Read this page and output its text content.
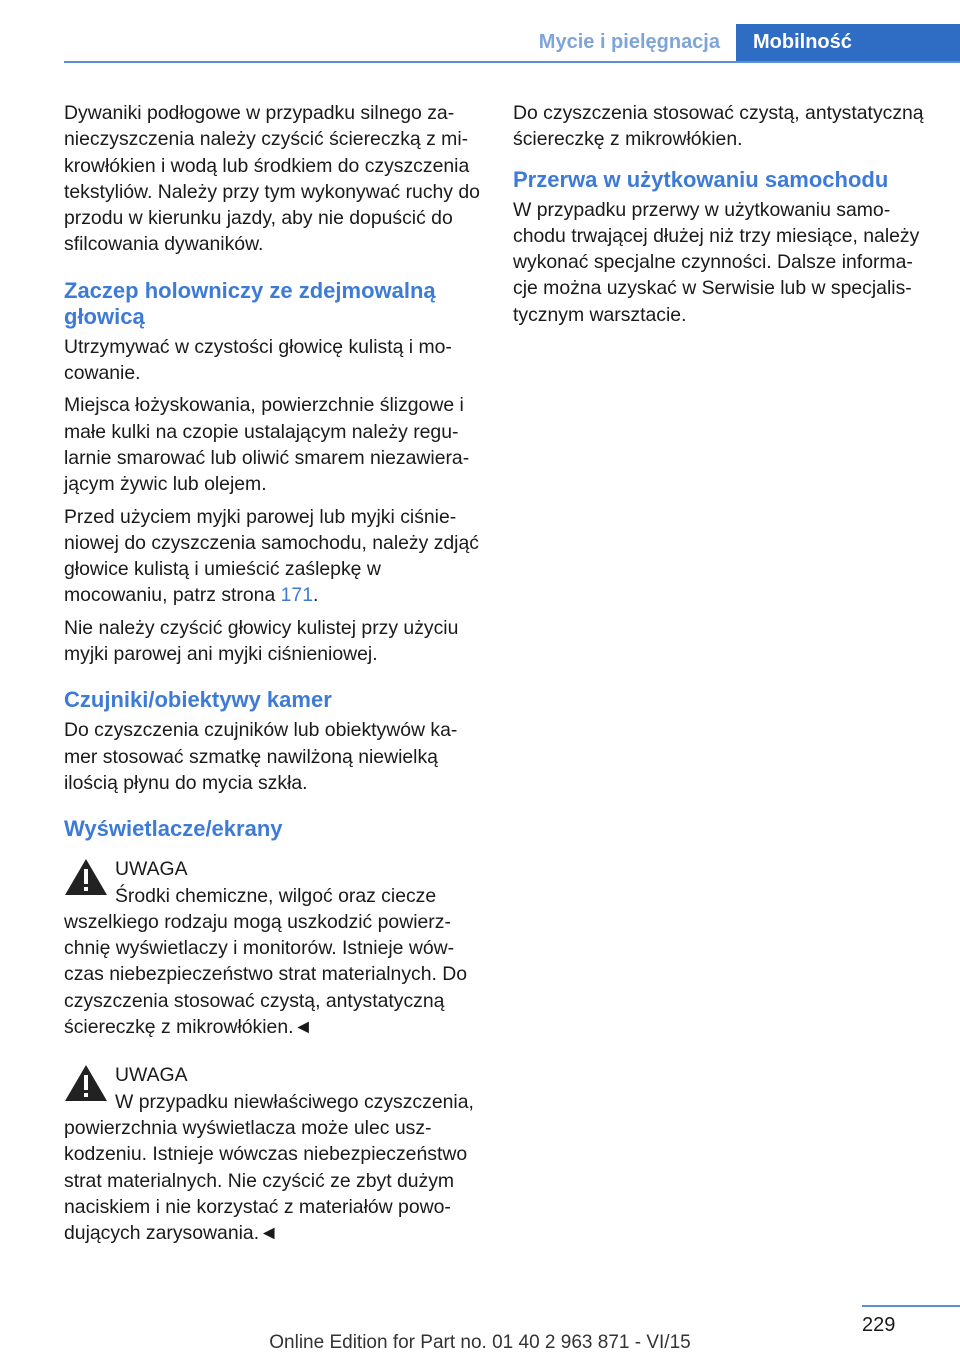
Mycie i pielęgnacja	Mobilność

Dywaniki podłogowe w przypadku silnego zanieczyszczenia należy czyścić ściereczką z mikrowłókien i wodą lub środkiem do czyszczenia tekstyliów. Należy przy tym wykonywać ruchy do przodu w kierunku jazdy, aby nie dopuścić do sfilcowania dywaników.

Zaczep holowniczy ze zdejmowalną głowicą

Utrzymywać w czystości głowicę kulistą i mocowanie.

Miejsca łożyskowania, powierzchnie ślizgowe i małe kulki na czopie ustalającym należy regularnie smarować lub oliwić smarem niezawierającym żywic lub olejem.

Przed użyciem myjki parowej lub myjki ciśnieniowej do czyszczenia samochodu, należy zdjąć głowice kulistą i umieścić zaślepkę w mocowaniu, patrz strona 171.

Nie należy czyścić głowicy kulistej przy użyciu myjki parowej ani myjki ciśnieniowej.

Czujniki/obiektywy kamer

Do czyszczenia czujników lub obiektywów kamer stosować szmatkę nawilżoną niewielką ilością płynu do mycia szkła.

Wyświetlacze/ekrany
UWAGA
Środki chemiczne, wilgoć oraz ciecze wszelkiego rodzaju mogą uszkodzić powierzchnię wyświetlaczy i monitorów. Istnieje wówczas niebezpieczeństwo strat materialnych. Do czyszczenia stosować czystą, antystatyczną ściereczkę z mikrowłókien.◄
UWAGA
W przypadku niewłaściwego czyszczenia, powierzchnia wyświetlacza może ulec uszkodzeniu. Istnieje wówczas niebezpieczeństwo strat materialnych. Nie czyścić ze zbyt dużym naciskiem i nie korzystać z materiałów powodujących zarysowania.◄

Do czyszczenia stosować czystą, antystatyczną ściereczkę z mikrowłókien.

Przerwa w użytkowaniu samochodu

W przypadku przerwy w użytkowaniu samochodu trwającej dłużej niż trzy miesiące, należy wykonać specjalne czynności. Dalsze informacje można uzyskać w Serwisie lub w specjalistycznym warsztacie.

229
Online Edition for Part no. 01 40 2 963 871 - VI/15
